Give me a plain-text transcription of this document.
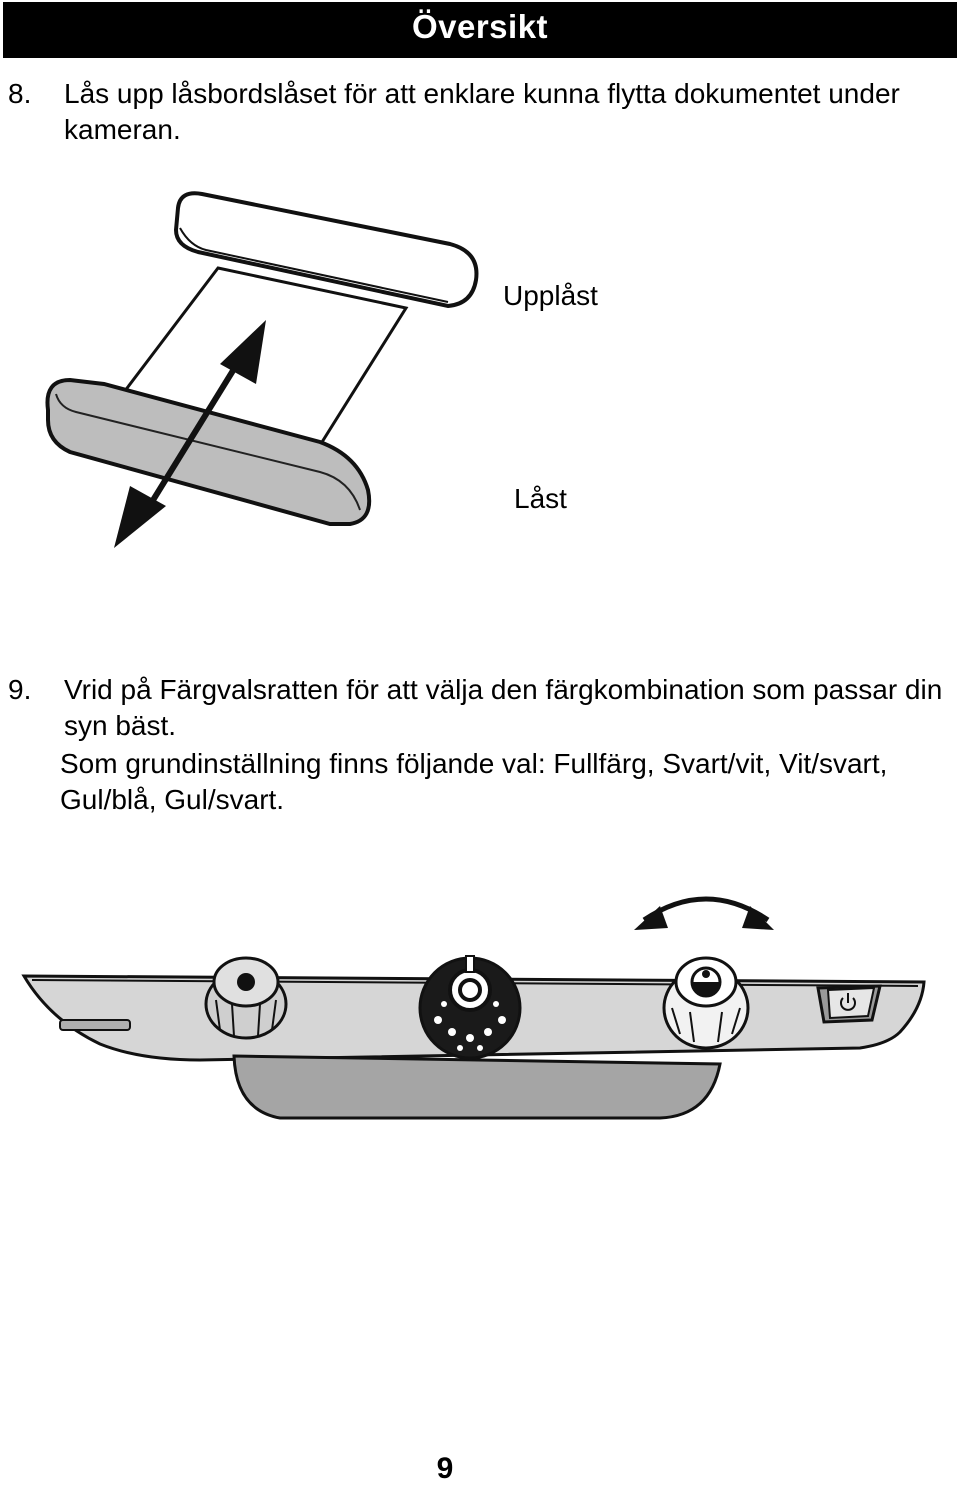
Översikt
8. Lås upp låsbordslåset för att enklare kunna flytta dokumentet under kameran.

Upplåst
Låst
9. Vrid på Färgvalsratten för att välja den färgkombination som passar din syn bäst.

Som grundinställning finns följande val: Fullfärg, Svart/vit, Vit/svart, Gul/blå, Gul/svart.

9
